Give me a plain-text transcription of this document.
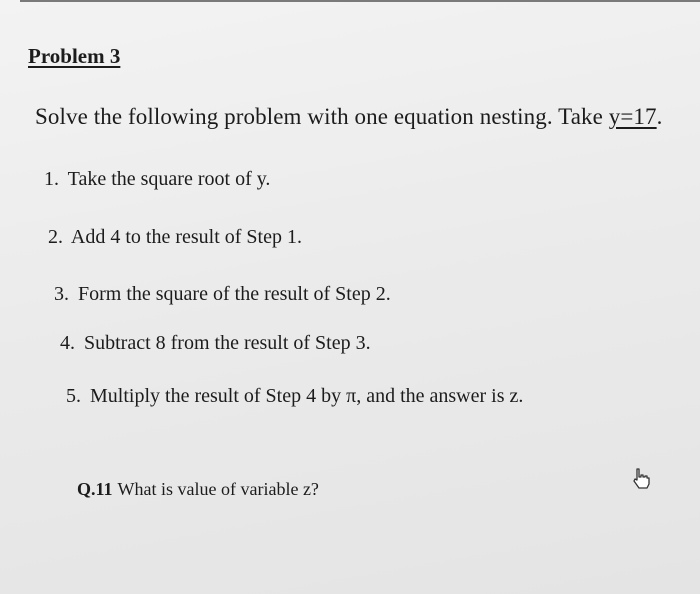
Problem 3
Solve the following problem with one equation nesting. Take y=17.
1. Take the square root of y.
2. Add 4 to the result of Step 1.
3. Form the square of the result of Step 2.
4. Subtract 8 from the result of Step 3.
5. Multiply the result of Step 4 by π, and the answer is z.
Q.11 What is value of variable z?
